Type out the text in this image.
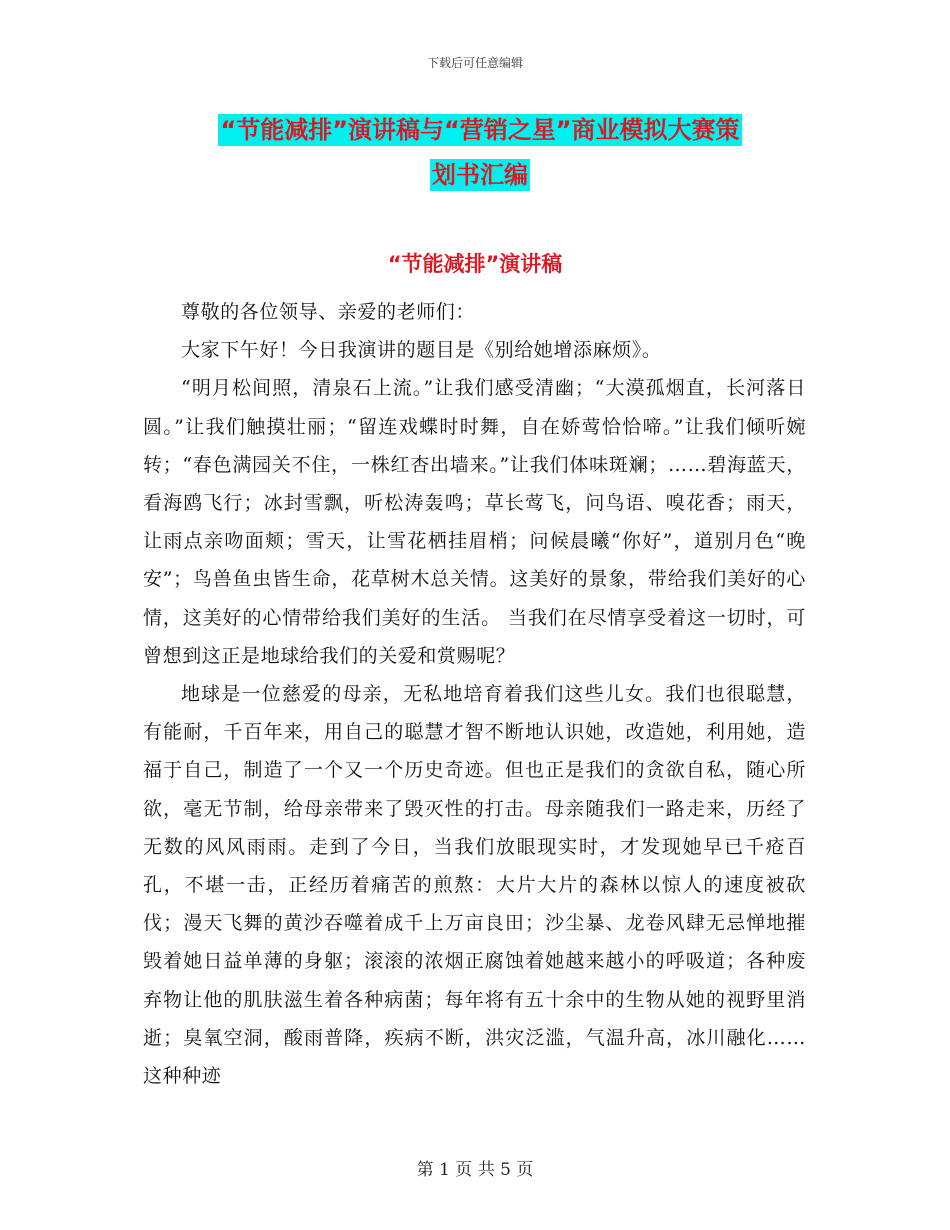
下载后可任意编辑
“节能减排”演讲稿与“营销之星”商业模拟大赛策
划书汇编
“节能减排”演讲稿

尊敬的各位领导、亲爱的老师们：

大家下午好！今日我演讲的题目是《别给她增添麻烦》。

“明月松间照，清泉石上流。”让我们感受清幽；“大漠孤烟直，长河落日圆。”让我们触摸壮丽；“留连戏蝶时时舞，自在娇莺恰恰啼。”让我们倾听婉转；“春色满园关不住，一株红杏出墙来。”让我们体味斑斓；……碧海蓝天，看海鸥飞行；冰封雪飘，听松涛轰鸣；草长莺飞，问鸟语、嗅花香；雨天，让雨点亲吻面颊；雪天，让雪花栖挂眉梢；问候晨曦“你好”，道别月色“晚安”；鸟兽鱼虫皆生命，花草树木总关情。这美好的景象，带给我们美好的心情，这美好的心情带给我们美好的生活。 当我们在尽情享受着这一切时，可曾想到这正是地球给我们的关爱和赏赐呢？

地球是一位慈爱的母亲，无私地培育着我们这些儿女。我们也很聪慧，有能耐，千百年来，用自己的聪慧才智不断地认识她，改造她，利用她，造福于自己，制造了一个又一个历史奇迹。但也正是我们的贪欲自私，随心所欲，毫无节制，给母亲带来了毁灭性的打击。母亲随我们一路走来，历经了无数的风风雨雨。走到了今日，当我们放眼现实时，才发现她早已千疮百孔，不堪一击，正经历着痛苦的煎熬：大片大片的森林以惊人的速度被砍伐；漫天飞舞的黄沙吞噬着成千上万亩良田；沙尘暴、龙卷风肆无忌惮地摧毁着她日益单薄的身躯；滚滚的浓烟正腐蚀着她越来越小的呼吸道；各种废弃物让他的肌肤滋生着各种病菌；每年将有五十余中的生物从她的视野里消逝；臭氧空洞，酸雨普降，疾病不断，洪灾泛滥，气温升高，冰川融化……这种种迹

第 1 页 共 5 页
